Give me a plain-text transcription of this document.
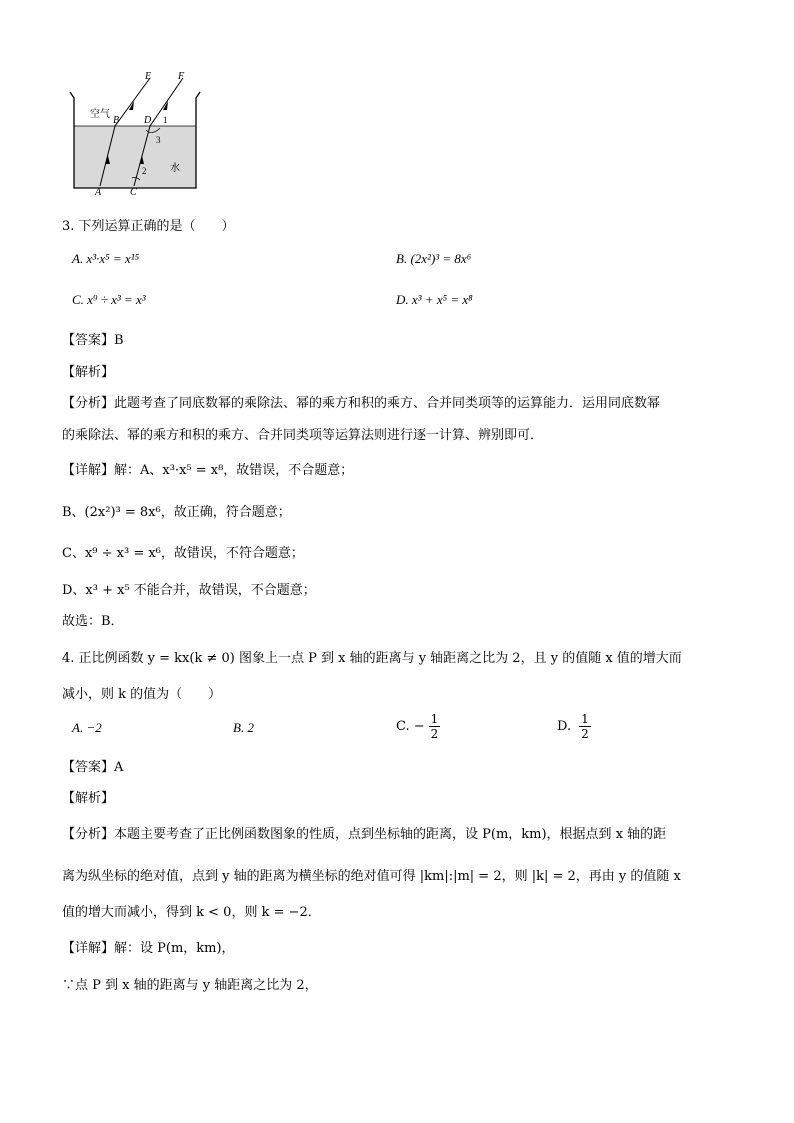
E	F
B D 1
3
2
A	C
空气
水
3. 下列运算正确的是（　　）
A. x³·x⁵ = x¹⁵	B. (2x²)³ = 8x⁶
C. x⁹ ÷ x³ = x³	D. x³ + x⁵ = x⁸
【答案】B
【解析】
【分析】此题考查了同底数幂的乘除法、幂的乘方和积的乘方、合并同类项等的运算能力．运用同底数幂
的乘除法、幂的乘方和积的乘方、合并同类项等运算法则进行逐一计算、辨别即可．
【详解】解：A、x³·x⁵ = x⁸，故错误，不合题意；
B、(2x²)³ = 8x⁶，故正确，符合题意；
C、x⁹ ÷ x³ = x⁶，故错误，不符合题意；
D、x³ + x⁵ 不能合并，故错误，不合题意；
故选：B．
4. 正比例函数 y = kx(k ≠ 0) 图象上一点 P 到 x 轴的距离与 y 轴距离之比为 2，且 y 的值随 x 值的增大而
减小，则 k 的值为（　　）
A. −2	B. 2	C. − $\frac{1}{2}$	D. $\frac{1}{2}$
【答案】A
【解析】
【分析】本题主要考查了正比例函数图象的性质，点到坐标轴的距离，设 P(m，km)，根据点到 x 轴的距
离为纵坐标的绝对值，点到 y 轴的距离为横坐标的绝对值可得 |km|:|m| = 2，则 |k| = 2，再由 y 的值随 x
值的增大而减小，得到 k < 0，则 k = −2．
【详解】解：设 P(m，km)，
∵点 P 到 x 轴的距离与 y 轴距离之比为 2，
